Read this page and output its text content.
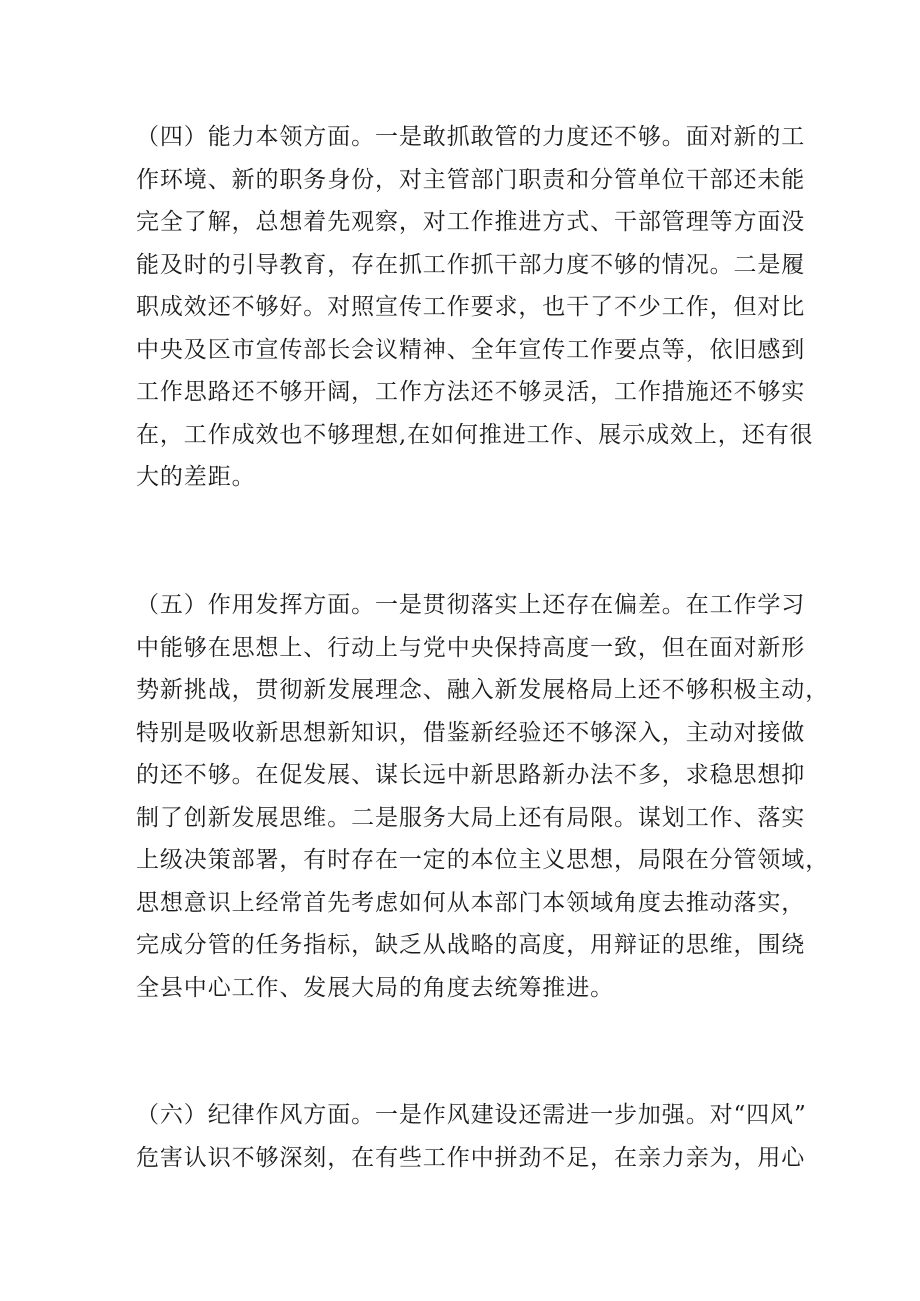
（四）能力本领方面。一是敢抓敢管的力度还不够。面对新的工
作环境、新的职务身份，对主管部门职责和分管单位干部还未能
完全了解，总想着先观察，对工作推进方式、干部管理等方面没
能及时的引导教育，存在抓工作抓干部力度不够的情况。二是履
职成效还不够好。对照宣传工作要求，也干了不少工作，但对比
中央及区市宣传部长会议精神、全年宣传工作要点等，依旧感到
工作思路还不够开阔，工作方法还不够灵活，工作措施还不够实
在，工作成效也不够理想,在如何推进工作、展示成效上，还有很
大的差距。
（五）作用发挥方面。一是贯彻落实上还存在偏差。在工作学习
中能够在思想上、行动上与党中央保持高度一致，但在面对新形
势新挑战，贯彻新发展理念、融入新发展格局上还不够积极主动，
特别是吸收新思想新知识，借鉴新经验还不够深入，主动对接做
的还不够。在促发展、谋长远中新思路新办法不多，求稳思想抑
制了创新发展思维。二是服务大局上还有局限。谋划工作、落实
上级决策部署，有时存在一定的本位主义思想，局限在分管领域，
思想意识上经常首先考虑如何从本部门本领域角度去推动落实，
完成分管的任务指标，缺乏从战略的高度，用辩证的思维，围绕
全县中心工作、发展大局的角度去统筹推进。
（六）纪律作风方面。一是作风建设还需进一步加强。对“四风”
危害认识不够深刻，在有些工作中拼劲不足，在亲力亲为，用心
